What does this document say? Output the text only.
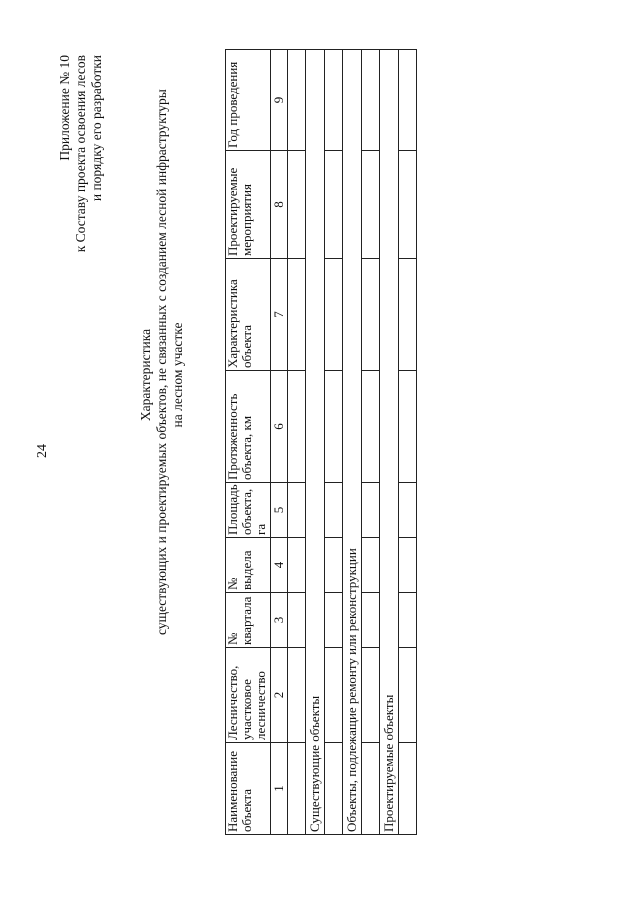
24
Приложение № 10 к Составу проекта освоения лесов и порядку его разработки
Характеристика существующих и проектируемых объектов, не связанных с созданием лесной инфраструктуры на лесном участке
Наименование объекта	Лесничество, участковое лесничество	№ квартала	№ выдела	Площадь объекта, га	Протяженность объекта, км	Характеристика объекта	Проектируемые мероприятия	Год проведения
1	2	3	4	5	6	7	8	9

Существующие объекты								

Объекты, подлежащие ремонту или реконструкции								

Проектируемые объекты								
